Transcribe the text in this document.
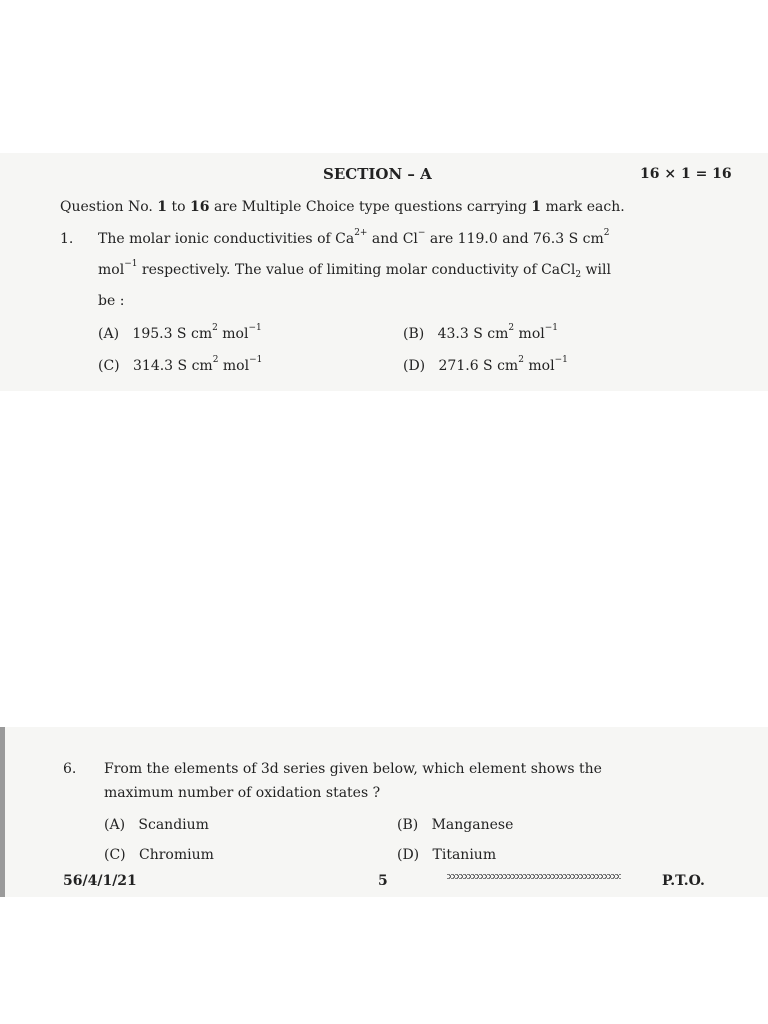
SECTION – A	16 × 1 = 16
Question No. 1 to 16 are Multiple Choice type questions carrying 1 mark each.
1. The molar ionic conductivities of $Ca^{2+}$ and Cl− are 119.0 and 76.3 S $cm^2$
mol$^{-1}$ respectively. The value of limiting molar conductivity of CaCl$_2$ will
be :
(A) 195.3 S $cm^2$ mol$^{-1}$	(B) 43.3 S $cm^2$ mol$^{-1}$
(C) 314.3 S $cm^2$ mol$^{-1}$	(D) 271.6 S $cm^2$ mol$^{-1}$
6. From the elements of 3d series given below, which element shows the
maximum number of oxidation states ?
(A) Scandium	(B) Manganese
(C) Chromium	(D) Titanium
56/4/1/21	5	P.T.O.
